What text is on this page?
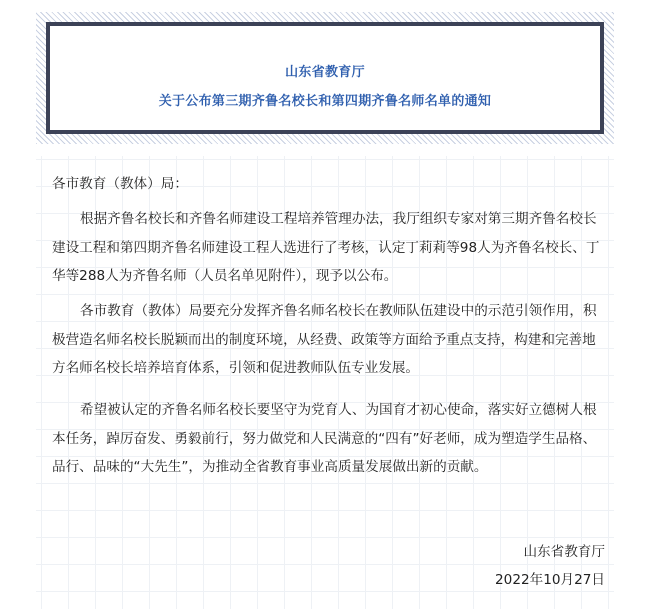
山东省教育厅
关于公布第三期齐鲁名校长和第四期齐鲁名师名单的通知

各市教育（教体）局：

根据齐鲁名校长和齐鲁名师建设工程培养管理办法，我厅组织专家对第三期齐鲁名校长建设工程和第四期齐鲁名师建设工程人选进行了考核，认定丁莉莉等98人为齐鲁名校长、丁华等288人为齐鲁名师（人员名单见附件），现予以公布。

各市教育（教体）局要充分发挥齐鲁名师名校长在教师队伍建设中的示范引领作用，积极营造名师名校长脱颖而出的制度环境，从经费、政策等方面给予重点支持，构建和完善地方名师名校长培养培育体系，引领和促进教师队伍专业发展。

希望被认定的齐鲁名师名校长要坚守为党育人、为国育才初心使命，落实好立德树人根本任务，踔厉奋发、勇毅前行，努力做党和人民满意的“四有”好老师，成为塑造学生品格、品行、品味的“大先生”，为推动全省教育事业高质量发展做出新的贡献。

山东省教育厅
2022年10月27日
